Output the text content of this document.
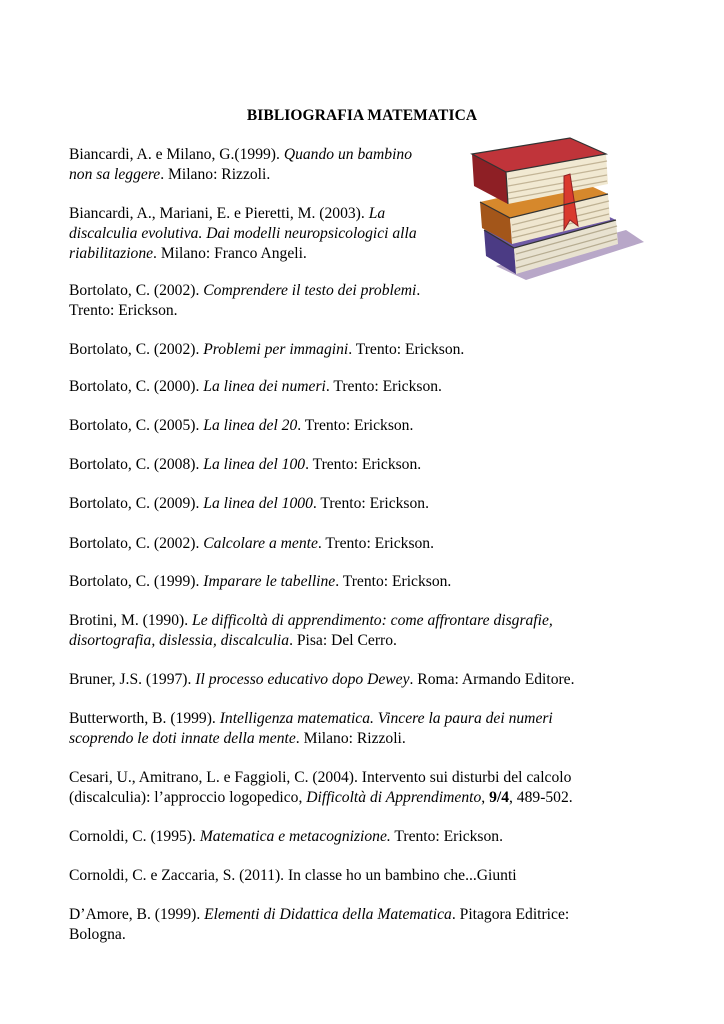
BIBLIOGRAFIA MATEMATICA

Biancardi, A. e Milano, G.(1999). Quando un bambino
non sa leggere. Milano: Rizzoli.

Biancardi, A., Mariani, E. e Pieretti, M. (2003). La
discalculia evolutiva. Dai modelli neuropsicologici alla
riabilitazione. Milano: Franco Angeli.

Bortolato, C. (2002). Comprendere il testo dei problemi.
Trento: Erickson.

Bortolato, C. (2002). Problemi per immagini. Trento: Erickson.

Bortolato, C. (2000). La linea dei numeri. Trento: Erickson.

Bortolato, C. (2005). La linea del 20. Trento: Erickson.

Bortolato, C. (2008). La linea del 100. Trento: Erickson.

Bortolato, C. (2009). La linea del 1000. Trento: Erickson.

Bortolato, C. (2002). Calcolare a mente. Trento: Erickson.

Bortolato, C. (1999). Imparare le tabelline. Trento: Erickson.

Brotini, M. (1990). Le difficoltà di apprendimento: come affrontare disgrafie,
disortografia, dislessia, discalculia. Pisa: Del Cerro.

Bruner, J.S. (1997). Il processo educativo dopo Dewey. Roma: Armando Editore.

Butterworth, B. (1999). Intelligenza matematica. Vincere la paura dei numeri
scoprendo le doti innate della mente. Milano: Rizzoli.

Cesari, U., Amitrano, L. e Faggioli, C. (2004). Intervento sui disturbi del calcolo
(discalculia): l’approccio logopedico, Difficoltà di Apprendimento, 9/4, 489-502.

Cornoldi, C. (1995). Matematica e metacognizione. Trento: Erickson.

Cornoldi, C. e Zaccaria, S. (2011). In classe ho un bambino che...Giunti

D’Amore, B. (1999). Elementi di Didattica della Matematica. Pitagora Editrice:
Bologna.
